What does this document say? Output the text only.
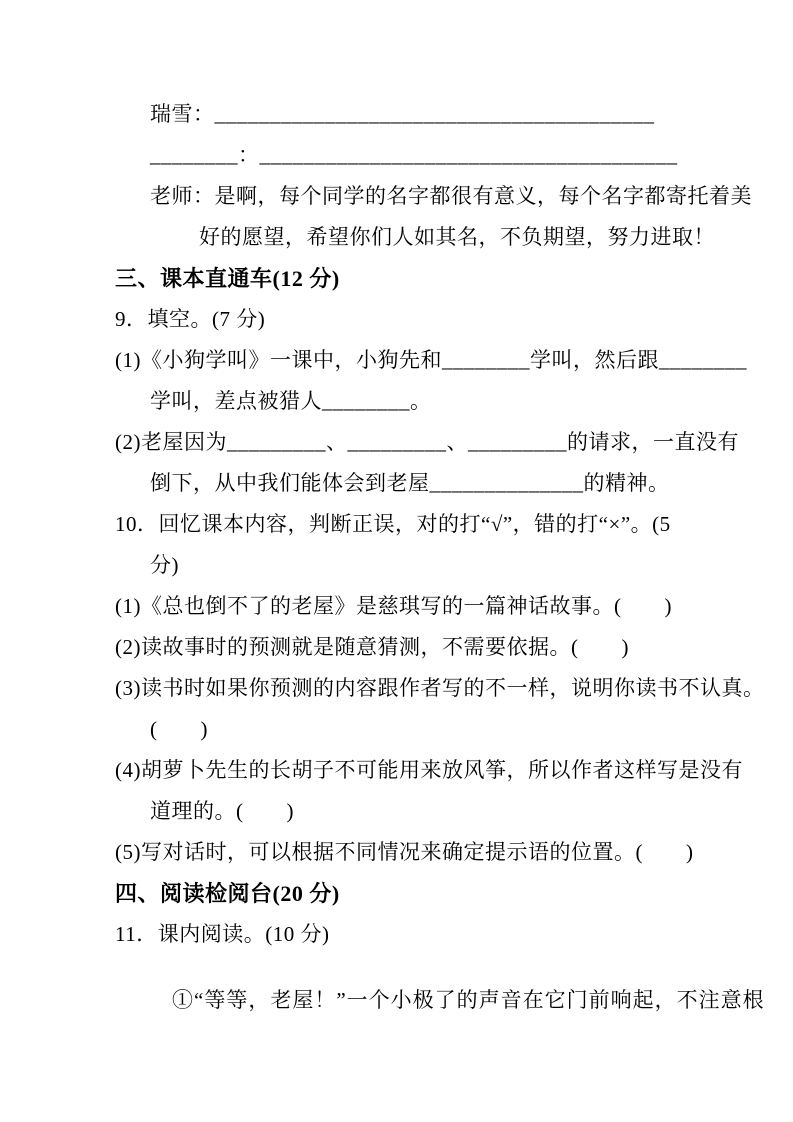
瑞雪：________________________________________

________：______________________________________

老师：是啊，每个同学的名字都很有意义，每个名字都寄托着美

好的愿望，希望你们人如其名，不负期望，努力进取！

三、课本直通车(12 分)

9．填空。(7 分)

(1)《小狗学叫》一课中，小狗先和________学叫，然后跟________

学叫，差点被猎人________。

(2)老屋因为_________、_________、_________的请求，一直没有

倒下，从中我们能体会到老屋______________的精神。

10．回忆课本内容，判断正误，对的打“√”，错的打“×”。(5

分)

(1)《总也倒不了的老屋》是慈琪写的一篇神话故事。(　　)

(2)读故事时的预测就是随意猜测，不需要依据。(　　)

(3)读书时如果你预测的内容跟作者写的不一样，说明你读书不认真。

(　　)

(4)胡萝卜先生的长胡子不可能用来放风筝，所以作者这样写是没有

道理的。(　　)

(5)写对话时，可以根据不同情况来确定提示语的位置。(　　)

四、阅读检阅台(20 分)

11．课内阅读。(10 分)

①“等等，老屋！”一个小极了的声音在它门前响起，不注意根
